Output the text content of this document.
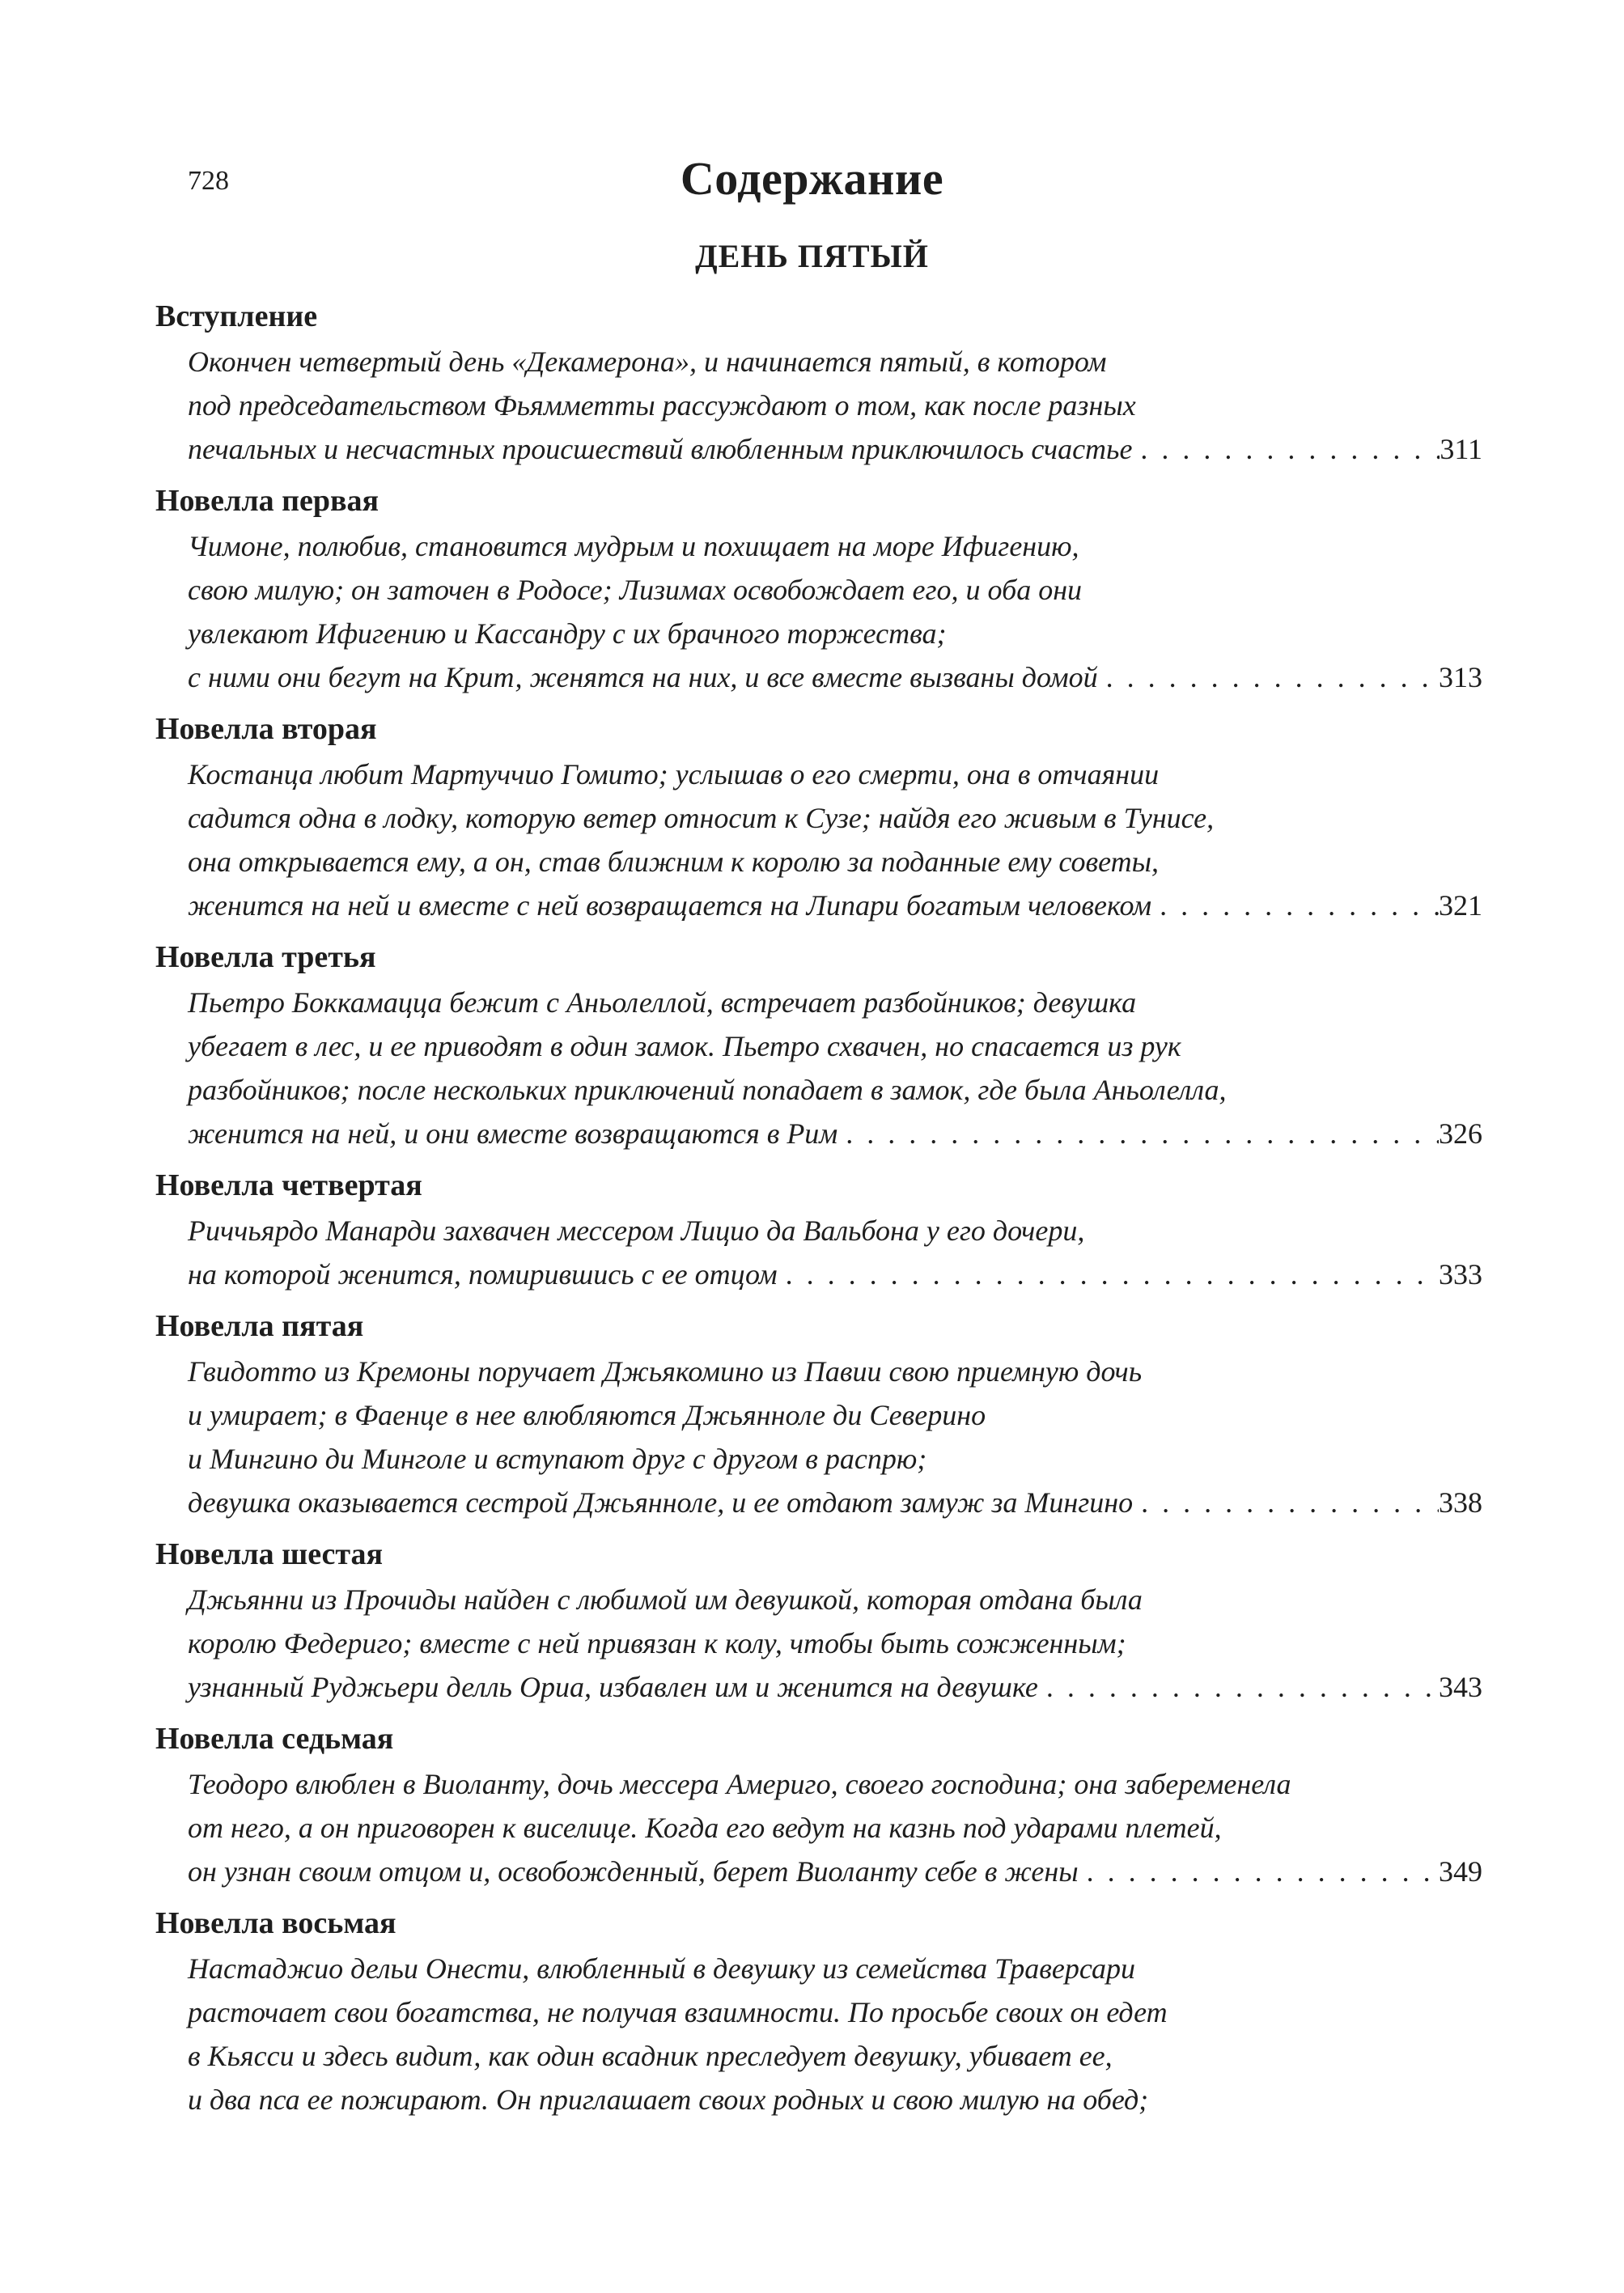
728	Содержание
ДЕНЬ ПЯТЫЙ
Вступление
Окончен четвертый день «Декамерона», и начинается пятый, в котором
под председательством Фьямметты рассуждают о том, как после разных
печальных и несчастных происшествий влюбленным приключилось счастье . . .	311
Новелла первая
Чимоне, полюбив, становится мудрым и похищает на море Ифигению,
свою милую; он заточен в Родосе; Лизимах освобождает его, и оба они
увлекают Ифигению и Кассандру с их брачного торжества;
с ними они бегут на Крит, женятся на них, и все вместе вызваны домой . . .	313
Новелла вторая
Костанца любит Мартуччио Гомито; услышав о его смерти, она в отчаянии
садится одна в лодку, которую ветер относит к Сузе; найдя его живым в Тунисе,
она открывается ему, а он, став ближним к королю за поданные ему советы,
женится на ней и вместе с ней возвращается на Липари богатым человеком . . .	321
Новелла третья
Пьетро Боккамацца бежит с Аньолеллой, встречает разбойников; девушка
убегает в лес, и ее приводят в один замок. Пьетро схвачен, но спасается из рук
разбойников; после нескольких приключений попадает в замок, где была Аньолелла,
женится на ней, и они вместе возвращаются в Рим . . .	326
Новелла четвертая
Риччьярдо Манарди захвачен мессером Лицио да Вальбона у его дочери,
на которой женится, помирившись с ее отцом . . .	333
Новелла пятая
Гвидотто из Кремоны поручает Джьякомино из Павии свою приемную дочь
и умирает; в Фаенце в нее влюбляются Джьянноле ди Северино
и Мингино ди Минголе и вступают друг с другом в распрю;
девушка оказывается сестрой Джьянноле, и ее отдают замуж за Мингино . . .	338
Новелла шестая
Джьянни из Прочиды найден с любимой им девушкой, которая отдана была
королю Федериго; вместе с ней привязан к колу, чтобы быть сожженным;
узнанный Руджьери делль Ориа, избавлен им и женится на девушке . . .	343
Новелла седьмая
Теодоро влюблен в Виоланту, дочь мессера Америго, своего господина; она забеременела
от него, а он приговорен к виселице. Когда его ведут на казнь под ударами плетей,
он узнан своим отцом и, освобожденный, берет Виоланту себе в жены . . .	349
Новелла восьмая
Настаджио дельи Онести, влюбленный в девушку из семейства Траверсари
расточает свои богатства, не получая взаимности. По просьбе своих он едет
в Кьясси и здесь видит, как один всадник преследует девушку, убивает ее,
и два пса ее пожирают. Он приглашает своих родных и свою милую на обед;
